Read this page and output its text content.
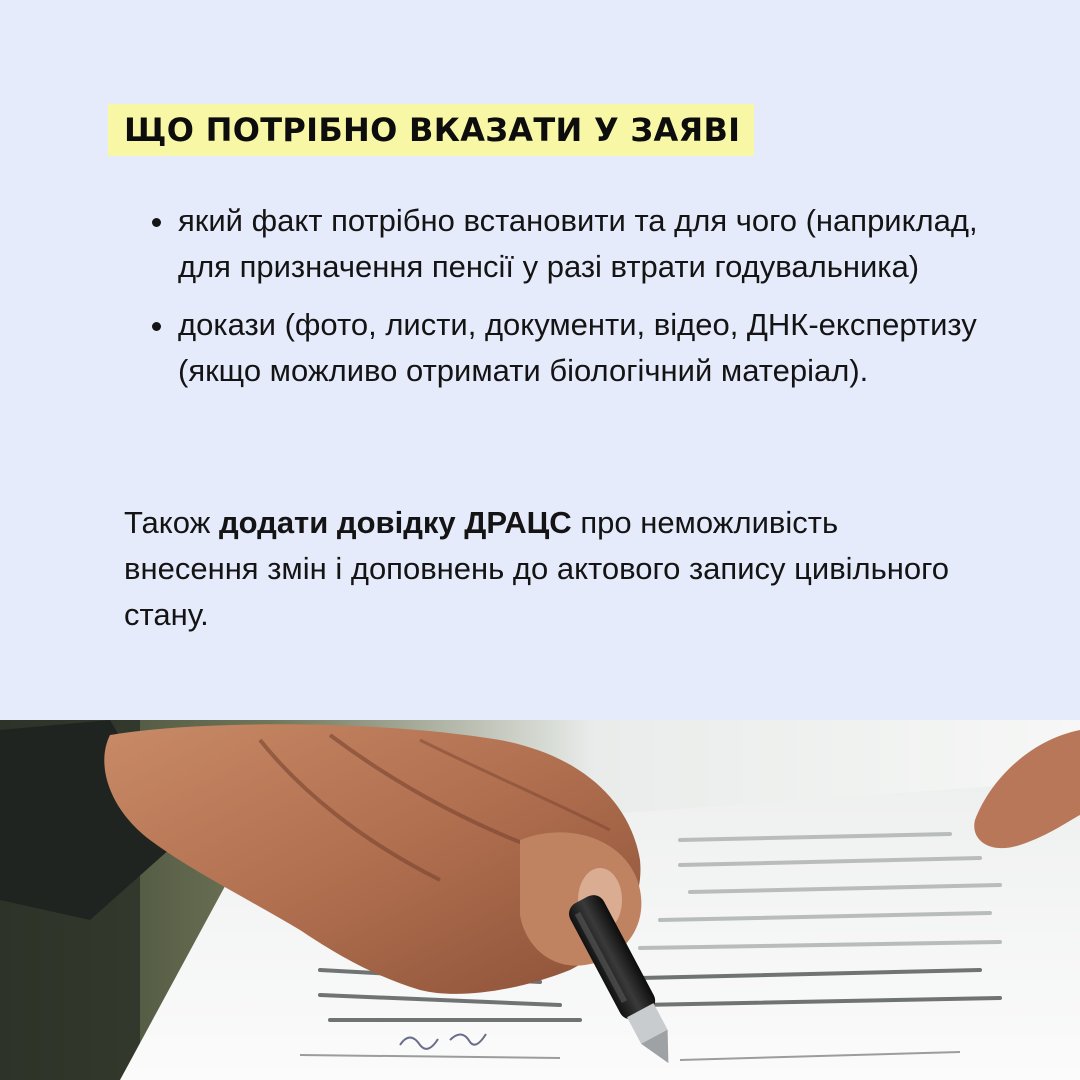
ЩО ПОТРІБНО ВКАЗАТИ У ЗАЯВІ
який факт потрібно встановити та для чого (наприклад, для призначення пенсії у разі втрати годувальника)
докази (фото, листи, документи, відео, ДНК-експертизу (якщо можливо отримати біологічний матеріал).
Також додати довідку ДРАЦС про неможливість внесення змін і доповнень до актового запису цивільного стану.
